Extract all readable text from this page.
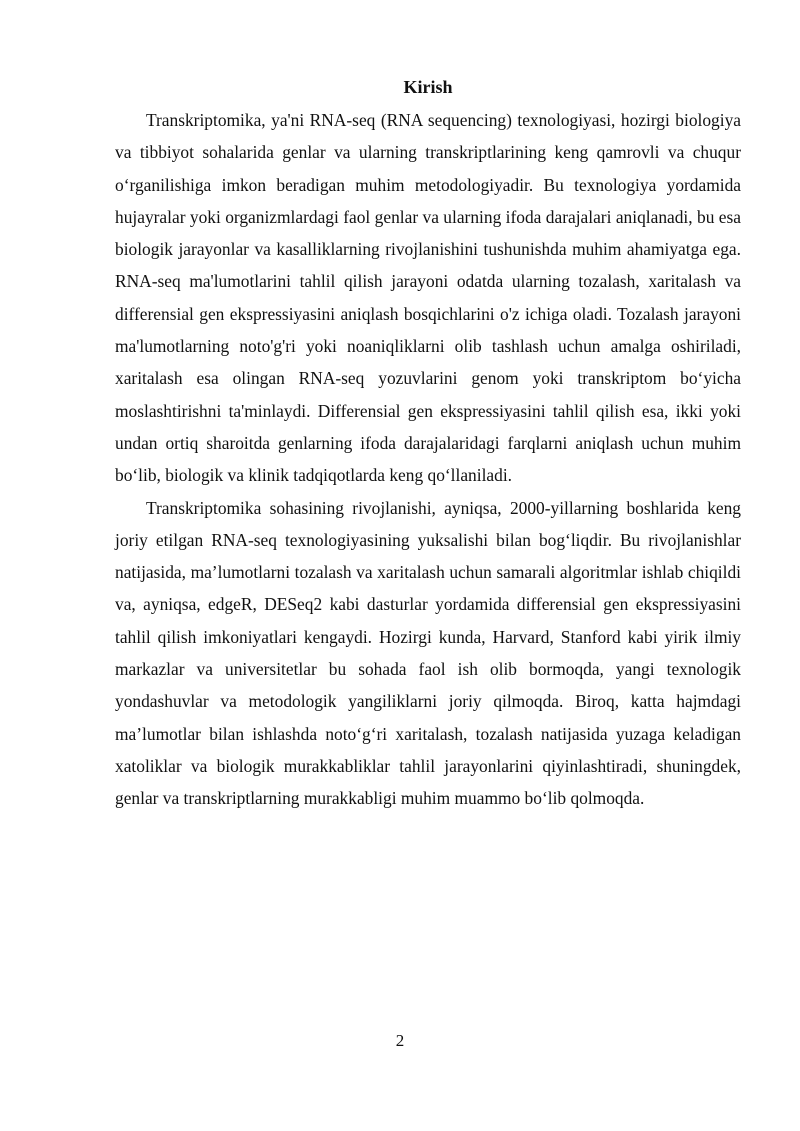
Kirish

Transkriptomika, ya'ni RNA-seq (RNA sequencing) texnologiyasi, hozirgi biologiya va tibbiyot sohalarida genlar va ularning transkriptlarining keng qamrovli va chuqur o‘rganilishiga imkon beradigan muhim metodologiyadir. Bu texnologiya yordamida hujayralar yoki organizmlardagi faol genlar va ularning ifoda darajalari aniqlanadi, bu esa biologik jarayonlar va kasalliklarning rivojlanishini tushunishda muhim ahamiyatga ega. RNA-seq ma'lumotlarini tahlil qilish jarayoni odatda ularning tozalash, xaritalash va differensial gen ekspressiyasini aniqlash bosqichlarini o'z ichiga oladi. Tozalash jarayoni ma'lumotlarning noto'g'ri yoki noaniqliklarni olib tashlash uchun amalga oshiriladi, xaritalash esa olingan RNA-seq yozuvlarini genom yoki transkriptom bo‘yicha moslashtirishni ta'minlaydi. Differensial gen ekspressiyasini tahlil qilish esa, ikki yoki undan ortiq sharoitda genlarning ifoda darajalaridagi farqlarni aniqlash uchun muhim bo‘lib, biologik va klinik tadqiqotlarda keng qo‘llaniladi.

Transkriptomika sohasining rivojlanishi, ayniqsa, 2000-yillarning boshlarida keng joriy etilgan RNA-seq texnologiyasining yuksalishi bilan bog‘liqdir. Bu rivojlanishlar natijasida, ma’lumotlarni tozalash va xaritalash uchun samarali algoritmlar ishlab chiqildi va, ayniqsa, edgeR, DESeq2 kabi dasturlar yordamida differensial gen ekspressiyasini tahlil qilish imkoniyatlari kengaydi. Hozirgi kunda, Harvard, Stanford kabi yirik ilmiy markazlar va universitetlar bu sohada faol ish olib bormoqda, yangi texnologik yondashuvlar va metodologik yangiliklarni joriy qilmoqda. Biroq, katta hajmdagi ma’lumotlar bilan ishlashda noto‘g‘ri xaritalash, tozalash natijasida yuzaga keladigan xatoliklar va biologik murakkabliklar tahlil jarayonlarini qiyinlashtiradi, shuningdek, genlar va transkriptlarning murakkabligi muhim muammo bo‘lib qolmoqda.

2
